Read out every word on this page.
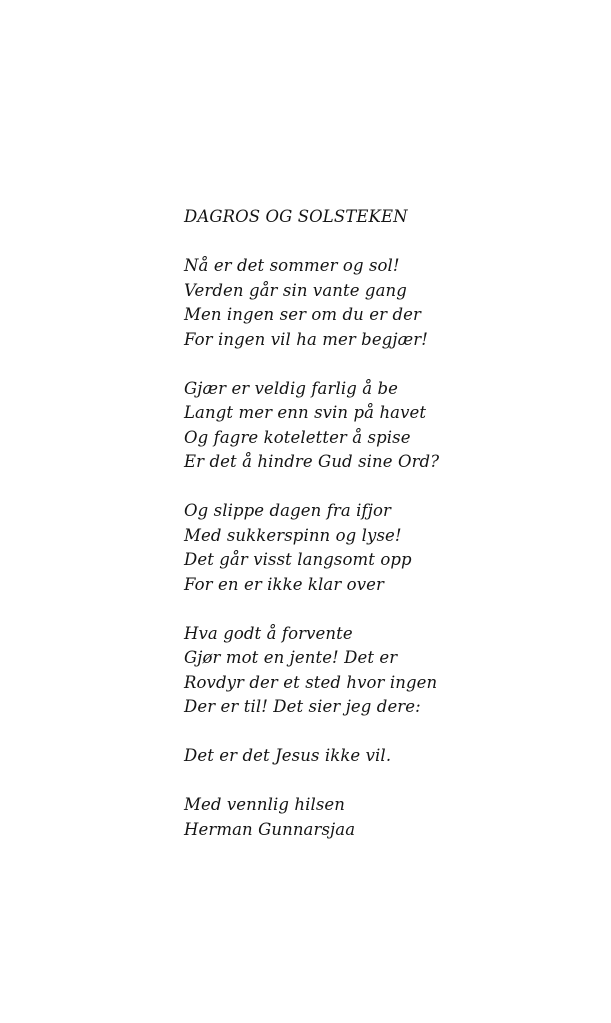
DAGROS OG SOLSTEKEN
Nå er det sommer og sol!
Verden går sin vante gang
Men ingen ser om du er der
For ingen vil ha mer begjær!
Gjær er veldig farlig å be
Langt mer enn svin på havet
Og fagre koteletter å spise
Er det å hindre Gud sine Ord?
Og slippe dagen fra ifjor
Med sukkerspinn og lyse!
Det går visst langsomt opp
For en er ikke klar over
Hva godt å forvente
Gjør mot en jente! Det er
Rovdyr der et sted hvor ingen
Der er til! Det sier jeg dere:
Det er det Jesus ikke vil.
Med vennlig hilsen
Herman Gunnarsjaa
